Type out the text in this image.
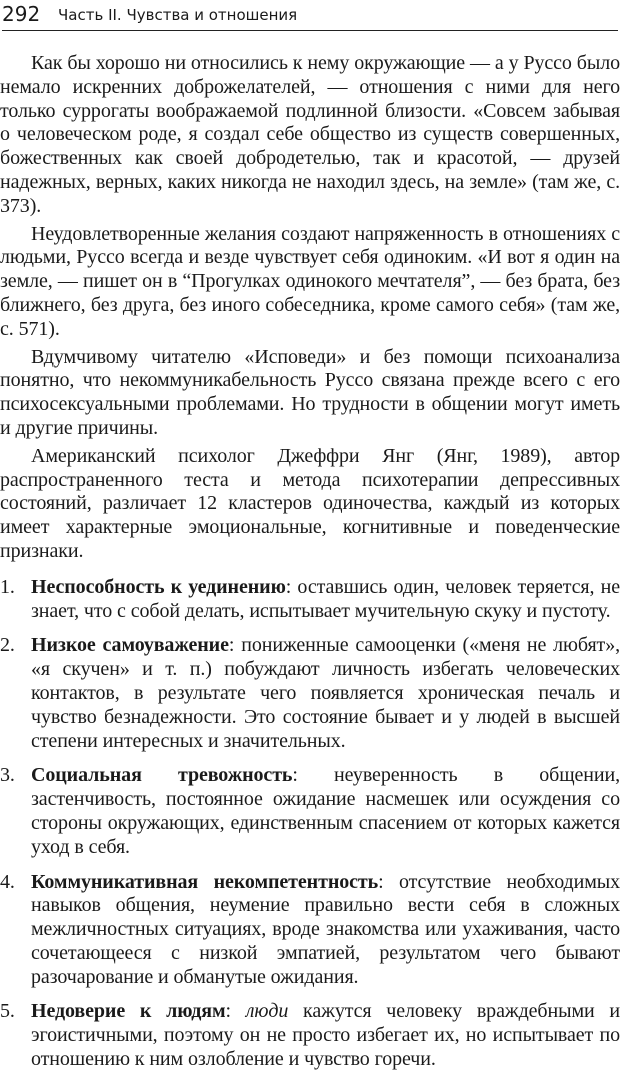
292 Часть II. Чувства и отношения

Как бы хорошо ни относились к нему окружающие — а у Руссо было немало искренних доброжелателей, — отношения с ними для него только суррогаты воображаемой подлинной близости. «Совсем забывая о человеческом роде, я создал себе общество из существ совершенных, божественных как своей добродетелью, так и красотой, — друзей надежных, верных, каких никогда не находил здесь, на земле» (там же, с. 373).

Неудовлетворенные желания создают напряженность в отношениях с людьми, Руссо всегда и везде чувствует себя одиноким. «И вот я один на земле, — пишет он в “Прогулках одинокого мечтателя”, — без брата, без ближнего, без друга, без иного собеседника, кроме самого себя» (там же, с. 571).

Вдумчивому читателю «Исповеди» и без помощи психоанализа понятно, что некоммуникабельность Руссо связана прежде всего с его психосексуальными проблемами. Но трудности в общении могут иметь и другие причины.

Американский психолог Джеффри Янг (Янг, 1989), автор распространенного теста и метода психотерапии депрессивных состояний, различает 12 кластеров одиночества, каждый из которых имеет характерные эмоциональные, когнитивные и поведенческие признаки.

1. Неспособность к уединению: оставшись один, человек теряется, не знает, что с собой делать, испытывает мучительную скуку и пустоту.
2. Низкое самоуважение: пониженные самооценки («меня не любят», «я скучен» и т. п.) побуждают личность избегать человеческих контактов, в результате чего появляется хроническая печаль и чувство безнадежности. Это состояние бывает и у людей в высшей степени интересных и значительных.
3. Социальная тревожность: неуверенность в общении, застенчивость, постоянное ожидание насмешек или осуждения со стороны окружающих, единственным спасением от которых кажется уход в себя.
4. Коммуникативная некомпетентность: отсутствие необходимых навыков общения, неумение правильно вести себя в сложных межличностных ситуациях, вроде знакомства или ухаживания, часто сочетающееся с низкой эмпатией, результатом чего бывают разочарование и обманутые ожидания.
5. Недоверие к людям: люди кажутся человеку враждебными и эгоистичными, поэтому он не просто избегает их, но испытывает по отношению к ним озлобление и чувство горечи.
